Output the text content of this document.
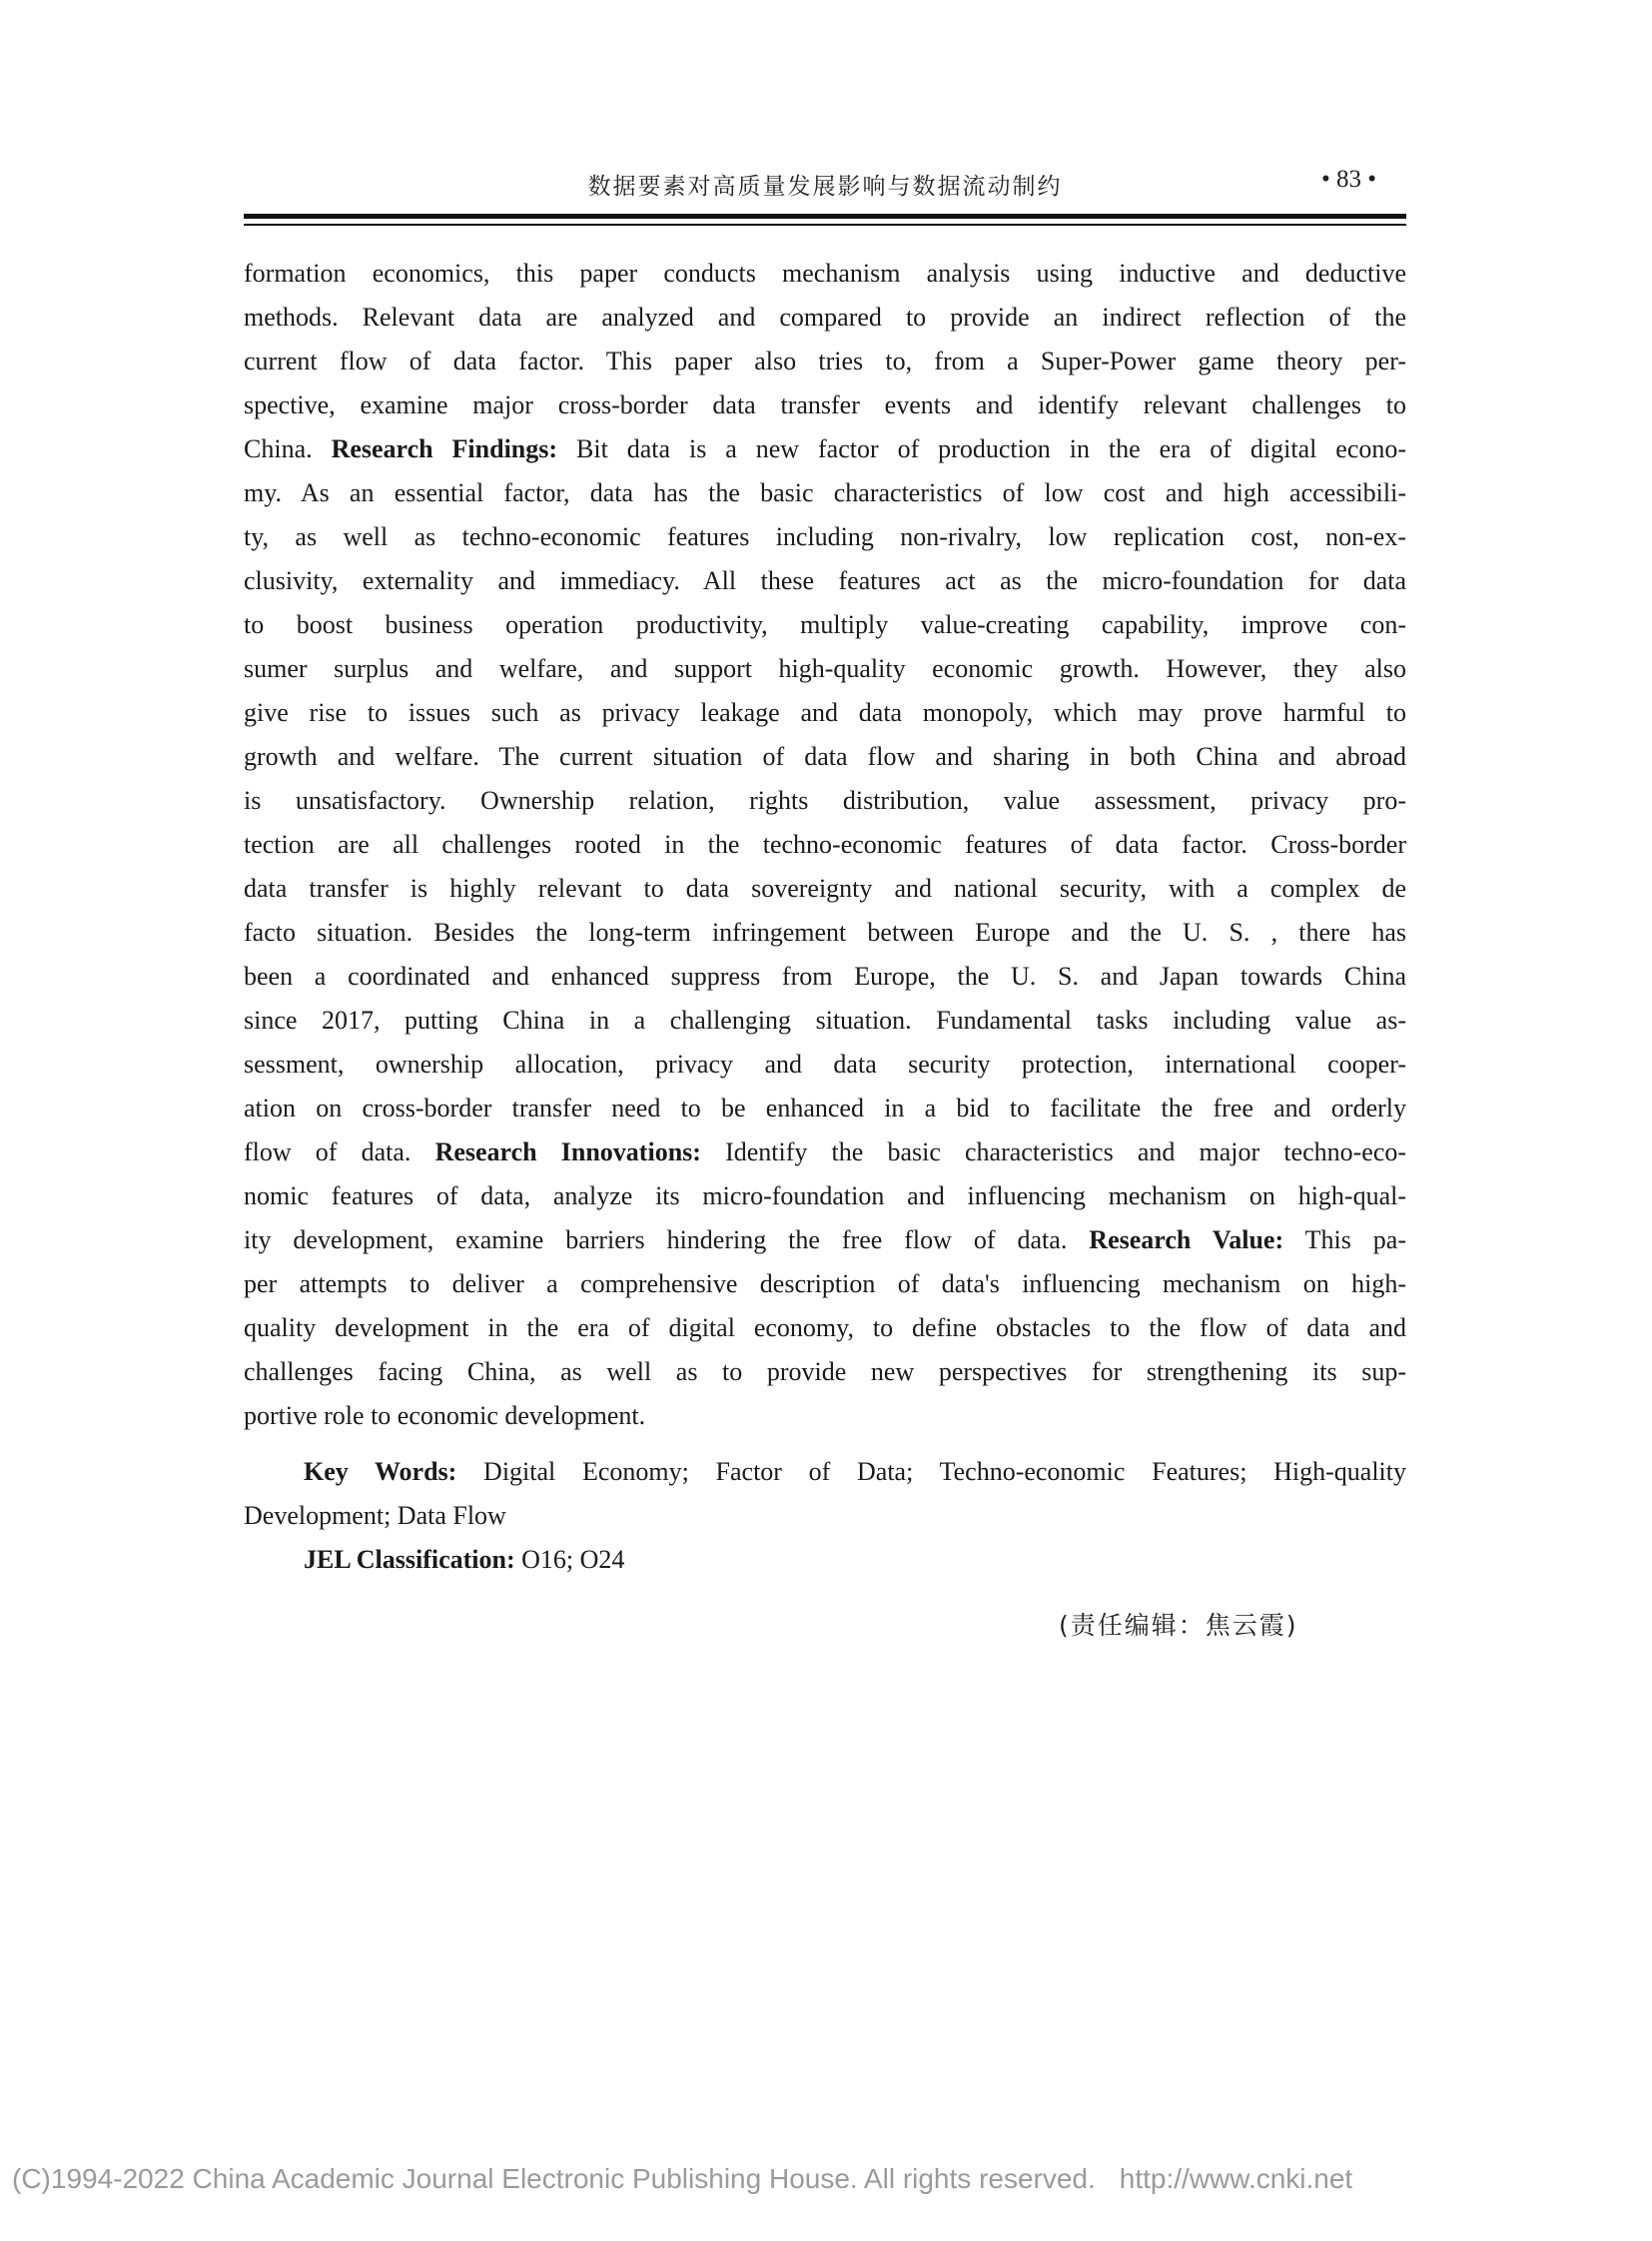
数据要素对高质量发展影响与数据流动制约	• 83 •
formation economics, this paper conducts mechanism analysis using inductive and deductive
methods. Relevant data are analyzed and compared to provide an indirect reflection of the
current flow of data factor. This paper also tries to, from a Super-Power game theory per-
spective, examine major cross-border data transfer events and identify relevant challenges to
China. Research Findings: Bit data is a new factor of production in the era of digital econo-
my. As an essential factor, data has the basic characteristics of low cost and high accessibili-
ty, as well as techno-economic features including non-rivalry, low replication cost, non-ex-
clusivity, externality and immediacy. All these features act as the micro-foundation for data
to boost business operation productivity, multiply value-creating capability, improve con-
sumer surplus and welfare, and support high-quality economic growth. However, they also
give rise to issues such as privacy leakage and data monopoly, which may prove harmful to
growth and welfare. The current situation of data flow and sharing in both China and abroad
is unsatisfactory. Ownership relation, rights distribution, value assessment, privacy pro-
tection are all challenges rooted in the techno-economic features of data factor. Cross-border
data transfer is highly relevant to data sovereignty and national security, with a complex de
facto situation. Besides the long-term infringement between Europe and the U. S. , there has
been a coordinated and enhanced suppress from Europe, the U. S. and Japan towards China
since 2017, putting China in a challenging situation. Fundamental tasks including value as-
sessment, ownership allocation, privacy and data security protection, international cooper-
ation on cross-border transfer need to be enhanced in a bid to facilitate the free and orderly
flow of data. Research Innovations: Identify the basic characteristics and major techno-eco-
nomic features of data, analyze its micro-foundation and influencing mechanism on high-qual-
ity development, examine barriers hindering the free flow of data. Research Value: This pa-
per attempts to deliver a comprehensive description of data's influencing mechanism on high-
quality development in the era of digital economy, to define obstacles to the flow of data and
challenges facing China, as well as to provide new perspectives for strengthening its sup-
portive role to economic development.
Key Words: Digital Economy; Factor of Data; Techno-economic Features; High-quality
Development; Data Flow
JEL Classification: O16; O24
(责任编辑：焦云霞)
(C)1994-2022 China Academic Journal Electronic Publishing House. All rights reserved. http://www.cnki.net
